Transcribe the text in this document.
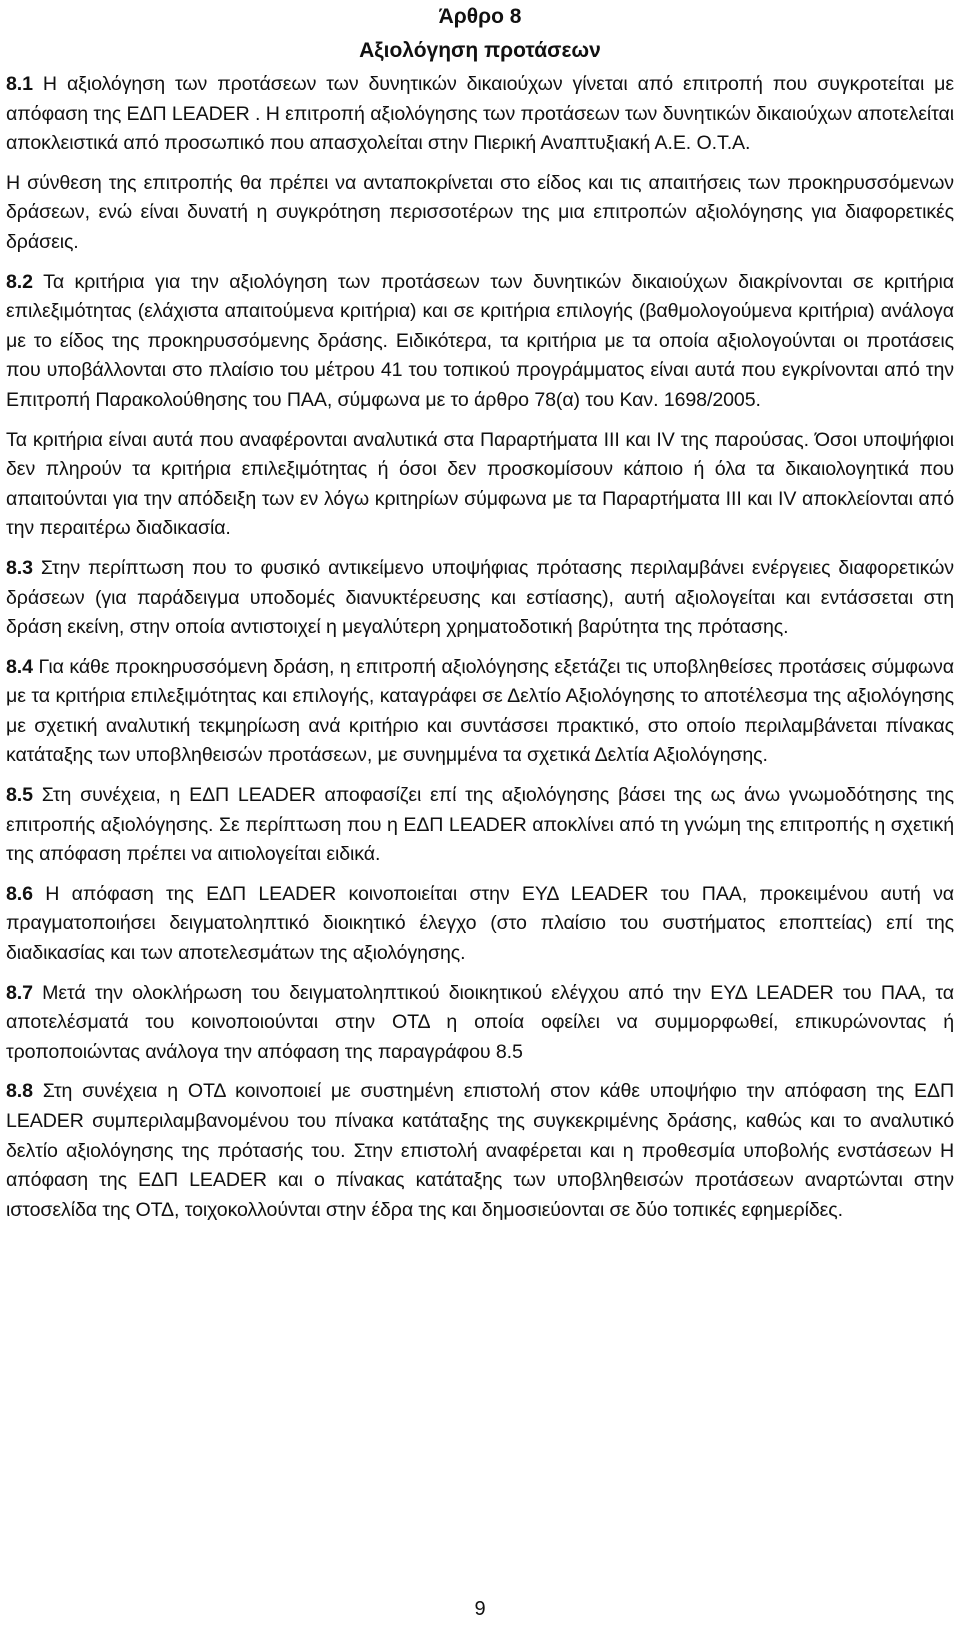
Άρθρο 8
Αξιολόγηση προτάσεων

8.1 Η αξιολόγηση των προτάσεων των δυνητικών δικαιούχων γίνεται από επιτροπή που συγκροτείται με απόφαση της ΕΔΠ LEADER . Η επιτροπή αξιολόγησης των προτάσεων των δυνητικών δικαιούχων αποτελείται αποκλειστικά από προσωπικό που απασχολείται στην Πιερική Αναπτυξιακή Α.Ε. Ο.Τ.Α.

Η σύνθεση της επιτροπής θα πρέπει να ανταποκρίνεται στο είδος και τις απαιτήσεις των προκηρυσσόμενων δράσεων, ενώ είναι δυνατή η συγκρότηση περισσοτέρων της μια επιτροπών αξιολόγησης για διαφορετικές δράσεις.

8.2 Τα κριτήρια για την αξιολόγηση των προτάσεων των δυνητικών δικαιούχων διακρίνονται σε κριτήρια επιλεξιμότητας (ελάχιστα απαιτούμενα κριτήρια) και σε κριτήρια επιλογής (βαθμολογούμενα κριτήρια) ανάλογα με το είδος της προκηρυσσόμενης δράσης. Ειδικότερα, τα κριτήρια με τα οποία αξιολογούνται οι προτάσεις που υποβάλλονται στο πλαίσιο του μέτρου 41 του τοπικού προγράμματος είναι αυτά που εγκρίνονται από την Επιτροπή Παρακολούθησης του ΠΑΑ, σύμφωνα με το άρθρο 78(α) του Καν. 1698/2005.

Τα κριτήρια είναι αυτά που αναφέρονται αναλυτικά στα Παραρτήματα ΙΙΙ και ΙV της παρούσας. Όσοι υποψήφιοι δεν πληρούν τα κριτήρια επιλεξιμότητας ή όσοι δεν προσκομίσουν κάποιο ή όλα τα δικαιολογητικά που απαιτούνται για την απόδειξη των εν λόγω κριτηρίων σύμφωνα με τα Παραρτήματα ΙΙΙ και ΙV αποκλείονται από την περαιτέρω διαδικασία.

8.3 Στην περίπτωση που το φυσικό αντικείμενο υποψήφιας πρότασης περιλαμβάνει ενέργειες διαφορετικών δράσεων (για παράδειγμα υποδομές διανυκτέρευσης και εστίασης), αυτή αξιολογείται και εντάσσεται στη δράση εκείνη, στην οποία αντιστοιχεί η μεγαλύτερη χρηματοδοτική βαρύτητα της πρότασης.

8.4 Για κάθε προκηρυσσόμενη δράση, η επιτροπή αξιολόγησης εξετάζει τις υποβληθείσες προτάσεις σύμφωνα με τα κριτήρια επιλεξιμότητας και επιλογής, καταγράφει σε Δελτίο Αξιολόγησης το αποτέλεσμα της αξιολόγησης με σχετική αναλυτική τεκμηρίωση ανά κριτήριο και συντάσσει πρακτικό, στο οποίο περιλαμβάνεται πίνακας κατάταξης των υποβληθεισών προτάσεων, με συνημμένα τα σχετικά Δελτία Αξιολόγησης.

8.5 Στη συνέχεια, η ΕΔΠ LEADER αποφασίζει επί της αξιολόγησης βάσει της ως άνω γνωμοδότησης της επιτροπής αξιολόγησης. Σε περίπτωση που η ΕΔΠ LEADER αποκλίνει από τη γνώμη της επιτροπής η σχετική της απόφαση πρέπει να αιτιολογείται ειδικά.

8.6 Η απόφαση της ΕΔΠ LEADER κοινοποιείται στην ΕΥΔ LEADER του ΠΑΑ, προκειμένου αυτή να πραγματοποιήσει δειγματοληπτικό διοικητικό έλεγχο (στο πλαίσιο του συστήματος εποπτείας) επί της διαδικασίας και των αποτελεσμάτων της αξιολόγησης.

8.7 Μετά την ολοκλήρωση του δειγματοληπτικού διοικητικού ελέγχου από την ΕΥΔ LEADER του ΠΑΑ, τα αποτελέσματά του κοινοποιούνται στην ΟΤΔ η οποία οφείλει να συμμορφωθεί, επικυρώνοντας ή τροποποιώντας ανάλογα την απόφαση της παραγράφου 8.5

8.8 Στη συνέχεια η ΟΤΔ κοινοποιεί με συστημένη επιστολή στον κάθε υποψήφιο την απόφαση της ΕΔΠ LEADER συμπεριλαμβανομένου του πίνακα κατάταξης της συγκεκριμένης δράσης, καθώς και το αναλυτικό δελτίο αξιολόγησης της πρότασής του. Στην επιστολή αναφέρεται και η προθεσμία υποβολής ενστάσεων Η απόφαση της ΕΔΠ LEADER και ο πίνακας κατάταξης των υποβληθεισών προτάσεων αναρτώνται στην ιστοσελίδα της ΟΤΔ, τοιχοκολλούνται στην έδρα της και δημοσιεύονται σε δύο τοπικές εφημερίδες.

9
